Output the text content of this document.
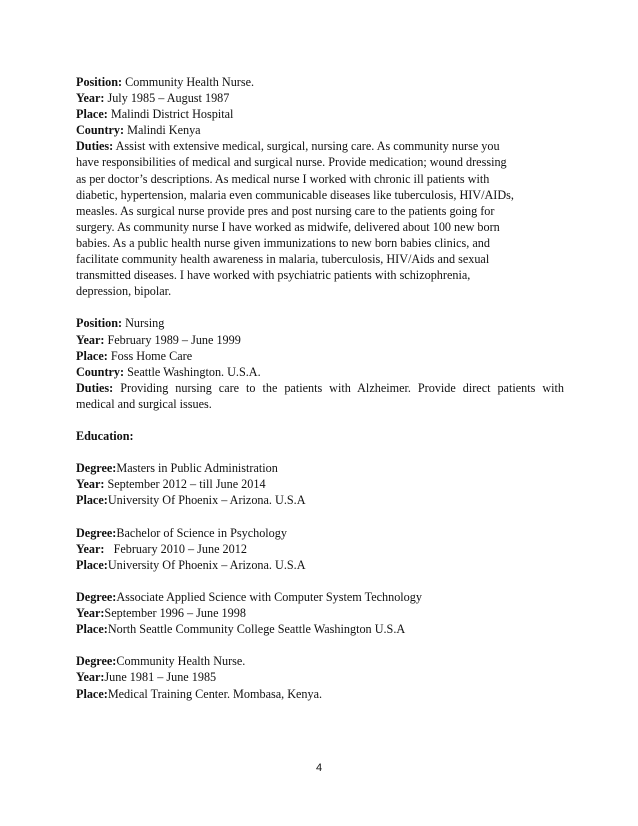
Position: Community Health Nurse.
Year: July 1985 – August 1987
Place: Malindi District Hospital
Country: Malindi Kenya
Duties: Assist with extensive medical, surgical, nursing care. As community nurse you
have responsibilities of medical and surgical nurse. Provide medication; wound dressing
as per doctor’s descriptions. As medical nurse I worked with chronic ill patients with
diabetic, hypertension, malaria even communicable diseases like tuberculosis, HIV/AIDs,
measles. As surgical nurse provide pres and post nursing care to the patients going for
surgery. As community nurse I have worked as midwife, delivered about 100 new born
babies. As a public health nurse given immunizations to new born babies clinics, and
facilitate community health awareness in malaria, tuberculosis, HIV/Aids and sexual
transmitted diseases. I have worked with psychiatric patients with schizophrenia,
depression, bipolar.
Position: Nursing
Year: February 1989 – June 1999
Place: Foss Home Care
Country: Seattle Washington. U.S.A.
Duties: Providing nursing care to the patients with Alzheimer. Provide direct patients with
medical and surgical issues.
Education:
Degree:Masters in Public Administration
Year: September 2012 – till June 2014
Place:University Of Phoenix – Arizona. U.S.A
Degree:Bachelor of Science in Psychology
Year:   February 2010 – June 2012
Place:University Of Phoenix – Arizona. U.S.A
Degree:Associate Applied Science with Computer System Technology
Year:September 1996 – June 1998
Place:North Seattle Community College Seattle Washington U.S.A
Degree:Community Health Nurse.
Year:June 1981 – June 1985
Place:Medical Training Center. Mombasa, Kenya.
4
